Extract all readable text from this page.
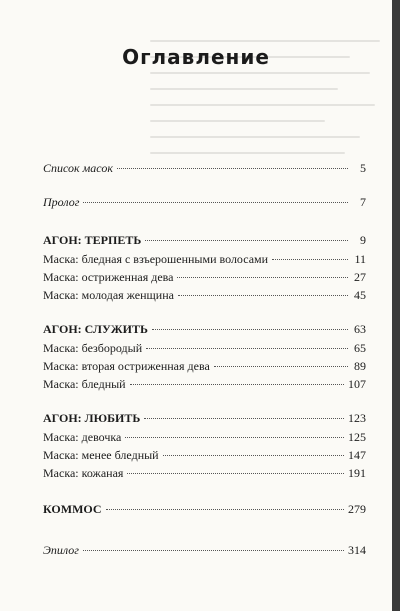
Оглавление
Список масок	5
Пролог	7
АГОН: ТЕРПЕТЬ	9
Маска: бледная с взъерошенными волосами	11
Маска: остриженная дева	27
Маска: молодая женщина	45
АГОН: СЛУЖИТЬ	63
Маска: безбородый	65
Маска: вторая остриженная дева	89
Маска: бледный	107
АГОН: ЛЮБИТЬ	123
Маска: девочка	125
Маска: менее бледный	147
Маска: кожаная	191
КОММОС	279
Эпилог	314
